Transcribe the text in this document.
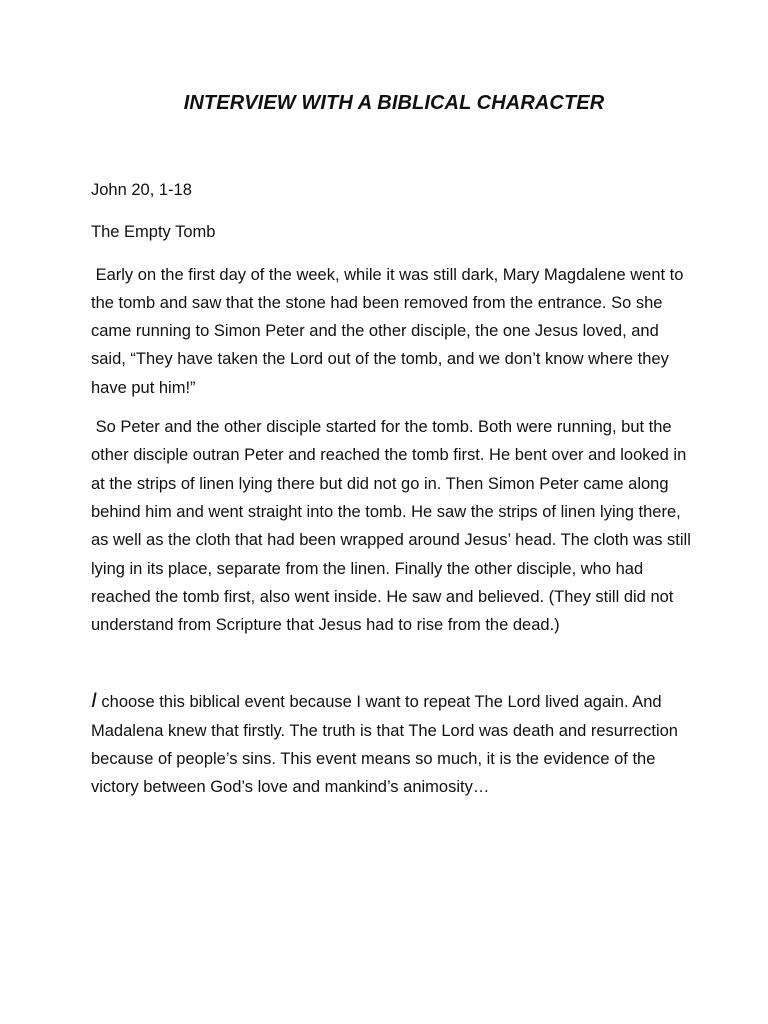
INTERVIEW WITH A BIBLICAL CHARACTER

John 20, 1-18

The Empty Tomb

Early on the first day of the week, while it was still dark, Mary Magdalene went to the tomb and saw that the stone had been removed from the entrance. So she came running to Simon Peter and the other disciple, the one Jesus loved, and said, “They have taken the Lord out of the tomb, and we don’t know where they have put him!”

So Peter and the other disciple started for the tomb. Both were running, but the other disciple outran Peter and reached the tomb first. He bent over and looked in at the strips of linen lying there but did not go in. Then Simon Peter came along behind him and went straight into the tomb. He saw the strips of linen lying there, as well as the cloth that had been wrapped around Jesus’ head. The cloth was still lying in its place, separate from the linen. Finally the other disciple, who had reached the tomb first, also went inside. He saw and believed. (They still did not understand from Scripture that Jesus had to rise from the dead.)

I choose this biblical event because I want to repeat The Lord lived again. And Madalena knew that firstly. The truth is that The Lord was death and resurrection because of people’s sins. This event means so much, it is the evidence of the victory between God’s love and mankind’s animosity…
